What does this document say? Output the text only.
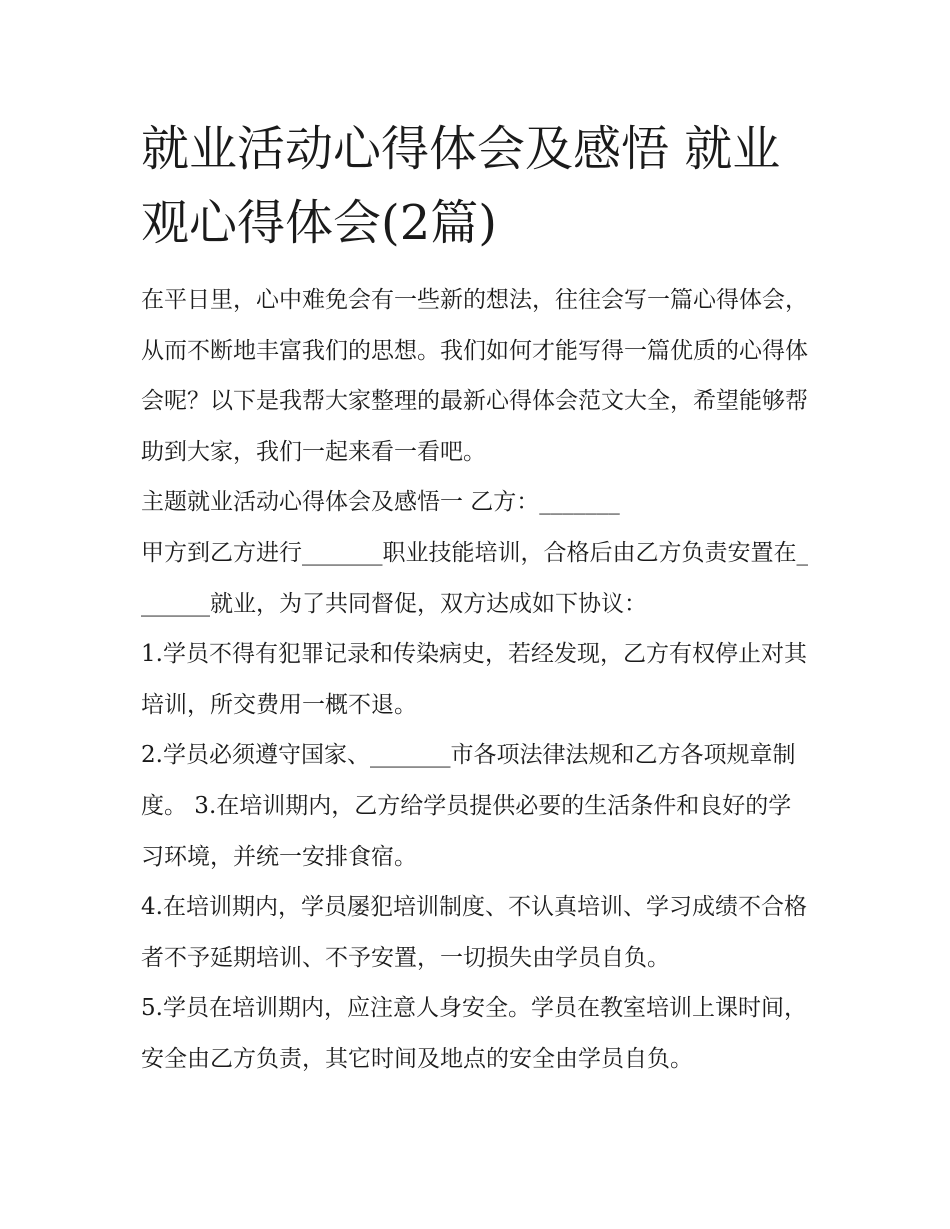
就业活动心得体会及感悟 就业观心得体会(2篇)

在平日里，心中难免会有一些新的想法，往往会写一篇心得体会，从而不断地丰富我们的思想。我们如何才能写得一篇优质的心得体会呢？以下是我帮大家整理的最新心得体会范文大全，希望能够帮助到大家，我们一起来看一看吧。

主题就业活动心得体会及感悟一 乙方：_______

甲方到乙方进行_______职业技能培训，合格后由乙方负责安置在_______就业，为了共同督促，双方达成如下协议：

1.学员不得有犯罪记录和传染病史，若经发现，乙方有权停止对其培训，所交费用一概不退。

2.学员必须遵守国家、_______市各项法律法规和乙方各项规章制度。 3.在培训期内，乙方给学员提供必要的生活条件和良好的学习环境，并统一安排食宿。

4.在培训期内，学员屡犯培训制度、不认真培训、学习成绩不合格者不予延期培训、不予安置，一切损失由学员自负。

5.学员在培训期内，应注意人身安全。学员在教室培训上课时间，安全由乙方负责，其它时间及地点的安全由学员自负。
